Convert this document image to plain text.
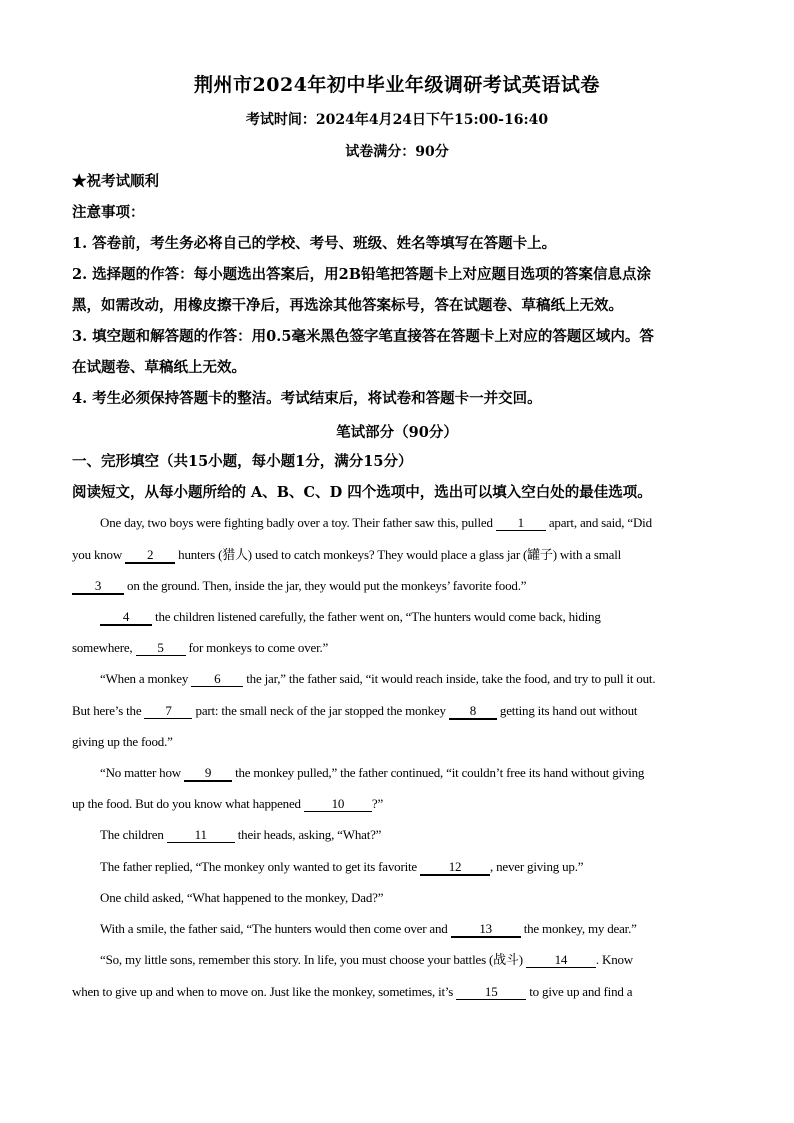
荆州市2024年初中毕业年级调研考试英语试卷
考试时间：2024年4月24日下午15:00-16:40
试卷满分：90分
★祝考试顺利
注意事项：
1. 答卷前，考生务必将自己的学校、考号、班级、姓名等填写在答题卡上。
2. 选择题的作答：每小题选出答案后，用2B铅笔把答题卡上对应题目选项的答案信息点涂
黑，如需改动，用橡皮擦干净后，再选涂其他答案标号，答在试题卷、草稿纸上无效。
3. 填空题和解答题的作答：用0.5毫米黑色签字笔直接答在答题卡上对应的答题区域内。答
在试题卷、草稿纸上无效。
4. 考生必须保持答题卡的整洁。考试结束后，将试卷和答题卡一并交回。
笔试部分（90分）
一、完形填空（共15小题，每小题1分，满分15分）
阅读短文，从每小题所给的 A、B、C、D 四个选项中，选出可以填入空白处的最佳选项。
One day, two boys were fighting badly over a toy. Their father saw this, pulled 1 apart, and said, “Did
you know 2 hunters (猎人) used to catch monkeys? They would place a glass jar (罐子) with a small
3 on the ground. Then, inside the jar, they would put the monkeys’ favorite food.”
4 the children listened carefully, the father went on, “The hunters would come back, hiding
somewhere, 5 for monkeys to come over.”
“When a monkey 6 the jar,” the father said, “it would reach inside, take the food, and try to pull it out.
But here’s the 7 part: the small neck of the jar stopped the monkey 8 getting its hand out without
giving up the food.”
“No matter how 9 the monkey pulled,” the father continued, “it couldn’t free its hand without giving
up the food. But do you know what happened 10 ?”
The children 11 their heads, asking, “What?”
The father replied, “The monkey only wanted to get its favorite 12 , never giving up.”
One child asked, “What happened to the monkey, Dad?”
With a smile, the father said, “The hunters would then come over and 13 the monkey, my dear.”
“So, my little sons, remember this story. In life, you must choose your battles (战斗) 14 . Know
when to give up and when to move on. Just like the monkey, sometimes, it’s 15 to give up and find a
